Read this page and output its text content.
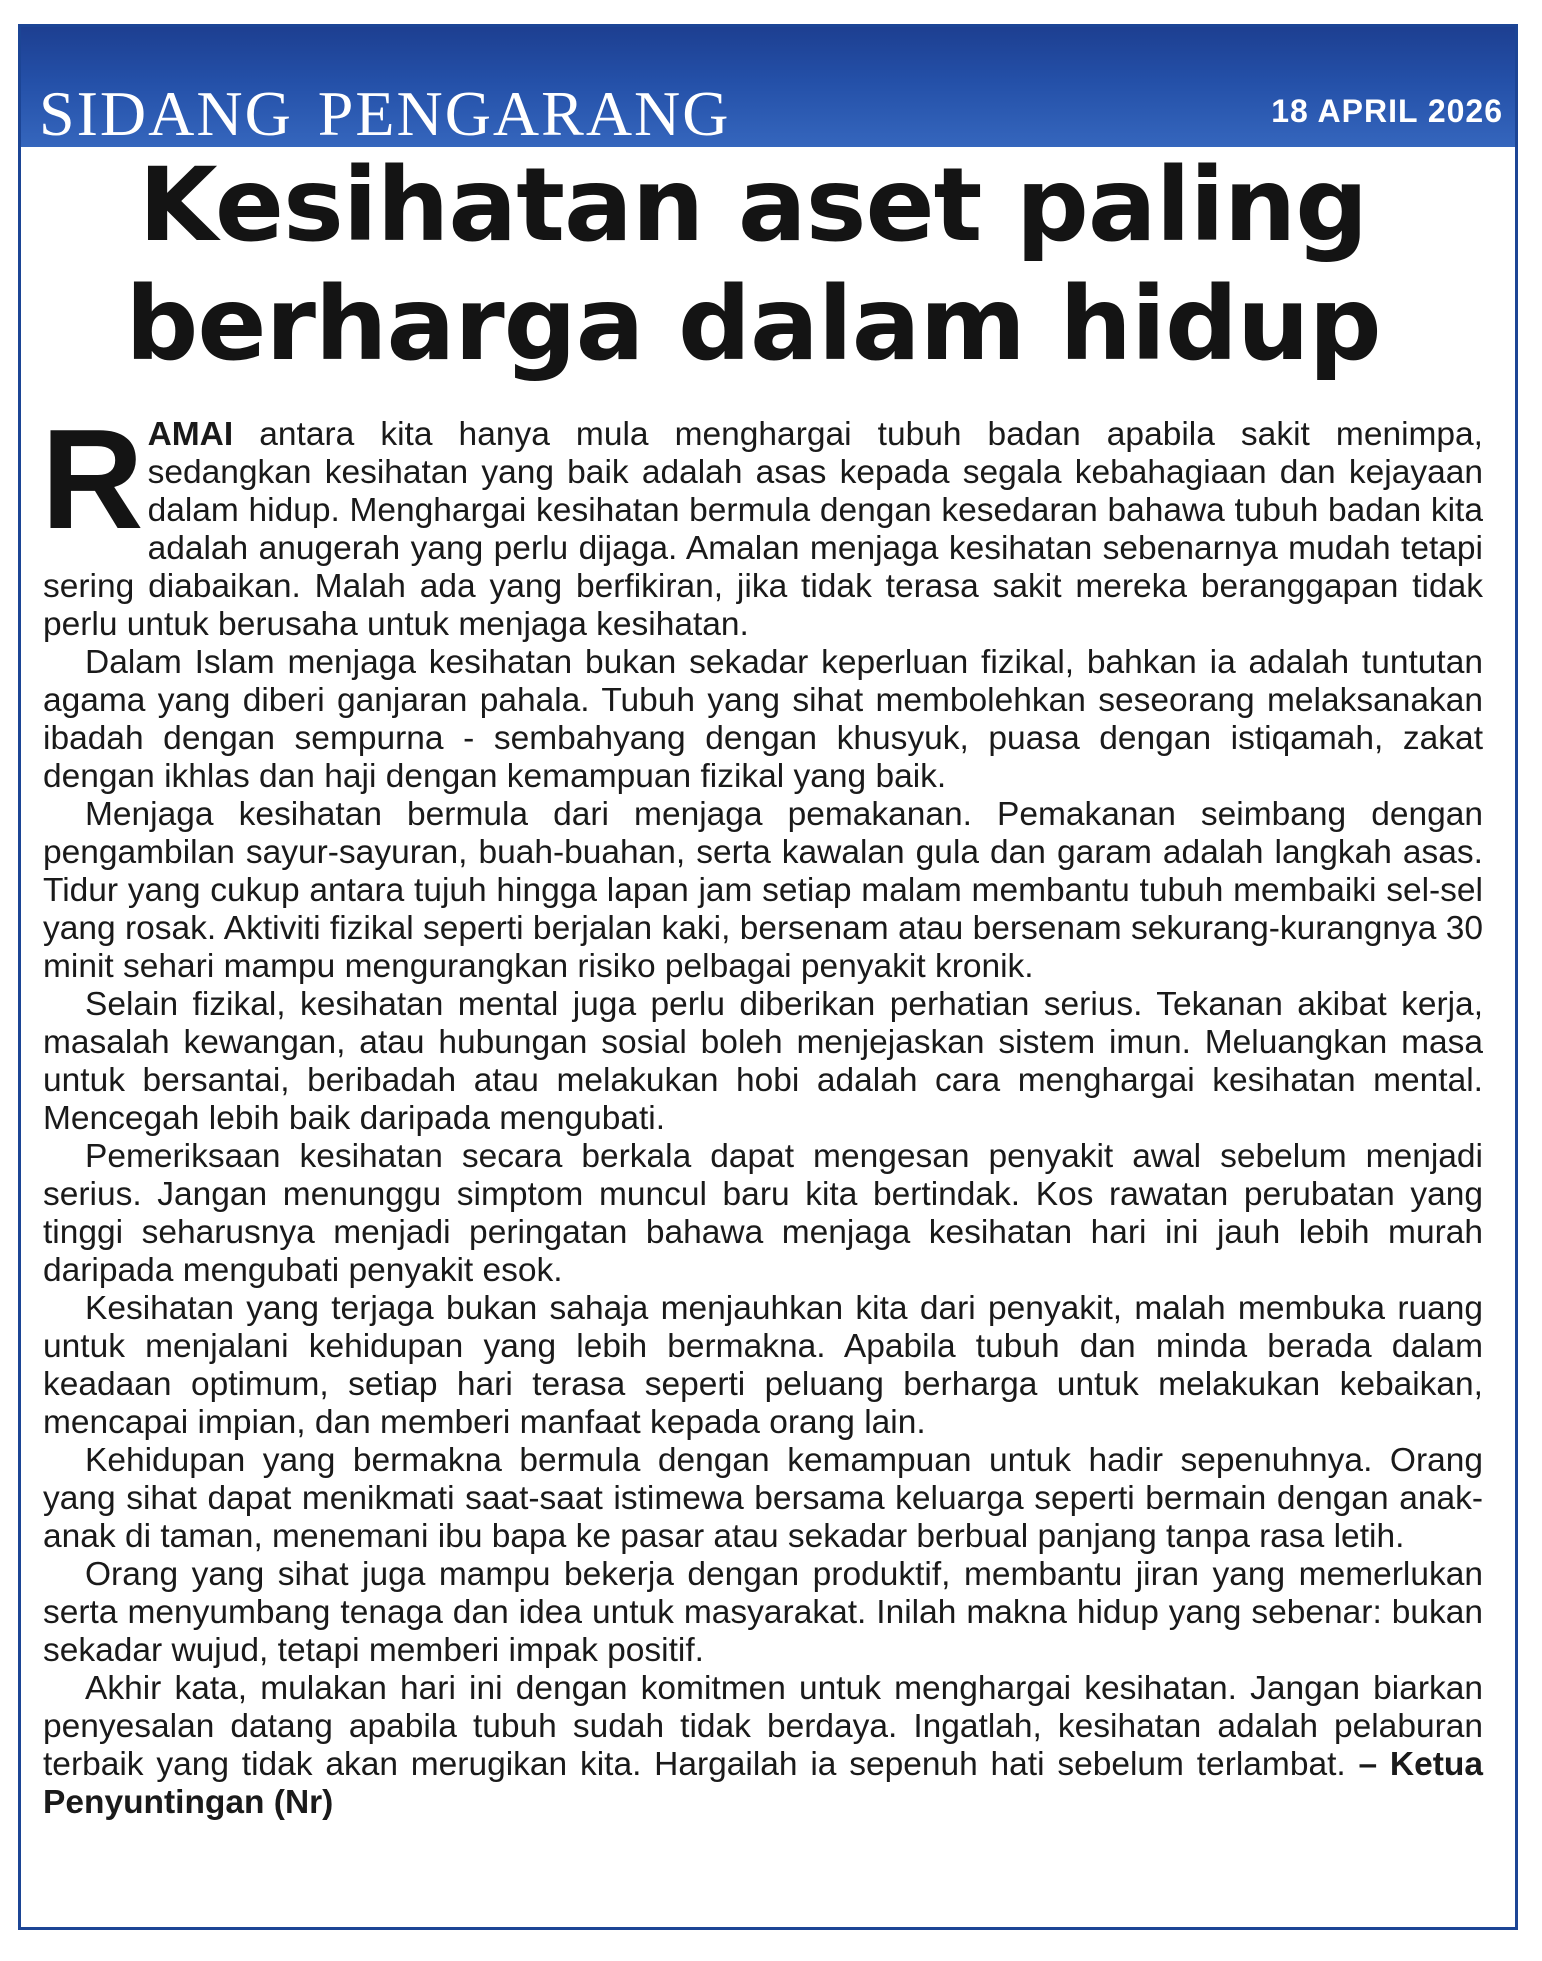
sidang pengarang	18 APRIL 2026
Kesihatan aset paling
berharga dalam hidup

RAMAI antara kita hanya mula menghargai tubuh badan apabila sakit menimpa, sedangkan kesihatan yang baik adalah asas kepada segala kebahagiaan dan kejayaan dalam hidup. Menghargai kesihatan bermula dengan kesedaran bahawa tubuh badan kita adalah anugerah yang perlu dijaga. Amalan menjaga kesihatan sebenarnya mudah tetapi sering diabaikan. Malah ada yang berfikiran, jika tidak terasa sakit mereka beranggapan tidak perlu untuk berusaha untuk menjaga kesihatan.

Dalam Islam menjaga kesihatan bukan sekadar keperluan fizikal, bahkan ia adalah tuntutan agama yang diberi ganjaran pahala. Tubuh yang sihat membolehkan seseorang melaksanakan ibadah dengan sempurna - sembahyang dengan khusyuk, puasa dengan istiqamah, zakat dengan ikhlas dan haji dengan kemampuan fizikal yang baik.

Menjaga kesihatan bermula dari menjaga pemakanan. Pemakanan seimbang dengan pengambilan sayur-sayuran, buah-buahan, serta kawalan gula dan garam adalah langkah asas. Tidur yang cukup antara tujuh hingga lapan jam setiap malam membantu tubuh membaiki sel-sel yang rosak. Aktiviti fizikal seperti berjalan kaki, bersenam atau bersenam sekurang-kurangnya 30 minit sehari mampu mengurangkan risiko pelbagai penyakit kronik.

Selain fizikal, kesihatan mental juga perlu diberikan perhatian serius. Tekanan akibat kerja, masalah kewangan, atau hubungan sosial boleh menjejaskan sistem imun. Meluangkan masa untuk bersantai, beribadah atau melakukan hobi adalah cara menghargai kesihatan mental. Mencegah lebih baik daripada mengubati.

Pemeriksaan kesihatan secara berkala dapat mengesan penyakit awal sebelum menjadi serius. Jangan menunggu simptom muncul baru kita bertindak. Kos rawatan perubatan yang tinggi seharusnya menjadi peringatan bahawa menjaga kesihatan hari ini jauh lebih murah daripada mengubati penyakit esok.

Kesihatan yang terjaga bukan sahaja menjauhkan kita dari penyakit, malah membuka ruang untuk menjalani kehidupan yang lebih bermakna. Apabila tubuh dan minda berada dalam keadaan optimum, setiap hari terasa seperti peluang berharga untuk melakukan kebaikan, mencapai impian, dan memberi manfaat kepada orang lain.

Kehidupan yang bermakna bermula dengan kemampuan untuk hadir sepenuhnya. Orang yang sihat dapat menikmati saat-saat istimewa bersama keluarga seperti bermain dengan anak-anak di taman, menemani ibu bapa ke pasar atau sekadar berbual panjang tanpa rasa letih.

Orang yang sihat juga mampu bekerja dengan produktif, membantu jiran yang memerlukan serta menyumbang tenaga dan idea untuk masyarakat. Inilah makna hidup yang sebenar: bukan sekadar wujud, tetapi memberi impak positif.

Akhir kata, mulakan hari ini dengan komitmen untuk menghargai kesihatan. Jangan biarkan penyesalan datang apabila tubuh sudah tidak berdaya. Ingatlah, kesihatan adalah pelaburan terbaik yang tidak akan merugikan kita. Hargailah ia sepenuh hati sebelum terlambat. – Ketua Penyuntingan (Nr)
